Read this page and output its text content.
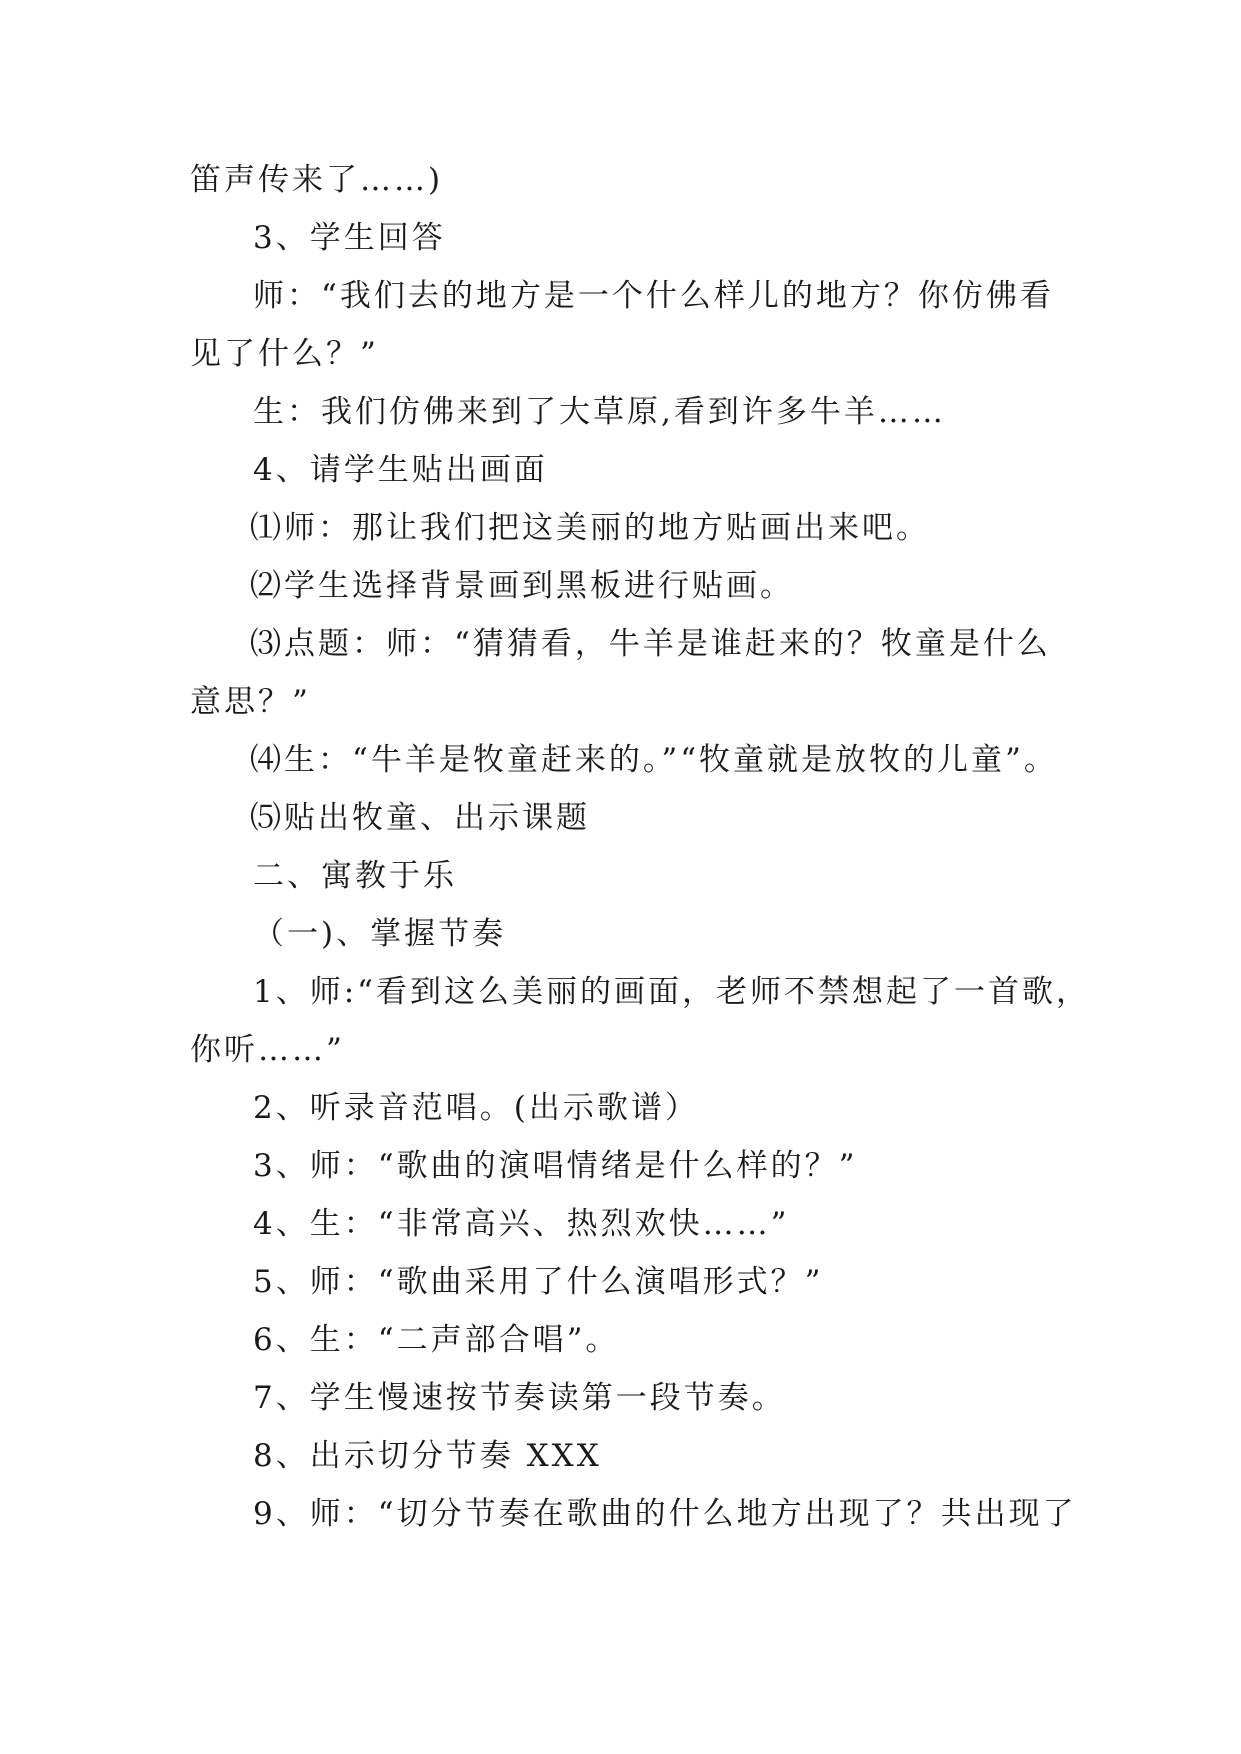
笛声传来了……)
3、学生回答
师：“我们去的地方是一个什么样儿的地方？你仿佛看
见了什么？”
生：我们仿佛来到了大草原,看到许多牛羊……
4、请学生贴出画面
⑴师：那让我们把这美丽的地方贴画出来吧。
⑵学生选择背景画到黑板进行贴画。
⑶点题：师：“猜猜看，牛羊是谁赶来的？牧童是什么
意思？”
⑷生：“牛羊是牧童赶来的。”“牧童就是放牧的儿童”。
⑸贴出牧童、出示课题
二、寓教于乐
（一)、掌握节奏
1、师:“看到这么美丽的画面，老师不禁想起了一首歌，
你听……”
2、听录音范唱。(出示歌谱）
3、师：“歌曲的演唱情绪是什么样的？”
4、生：“非常高兴、热烈欢快……”
5、师：“歌曲采用了什么演唱形式？”
6、生：“二声部合唱”。
7、学生慢速按节奏读第一段节奏。
8、出示切分节奏 XXX
9、师：“切分节奏在歌曲的什么地方出现了？共出现了
